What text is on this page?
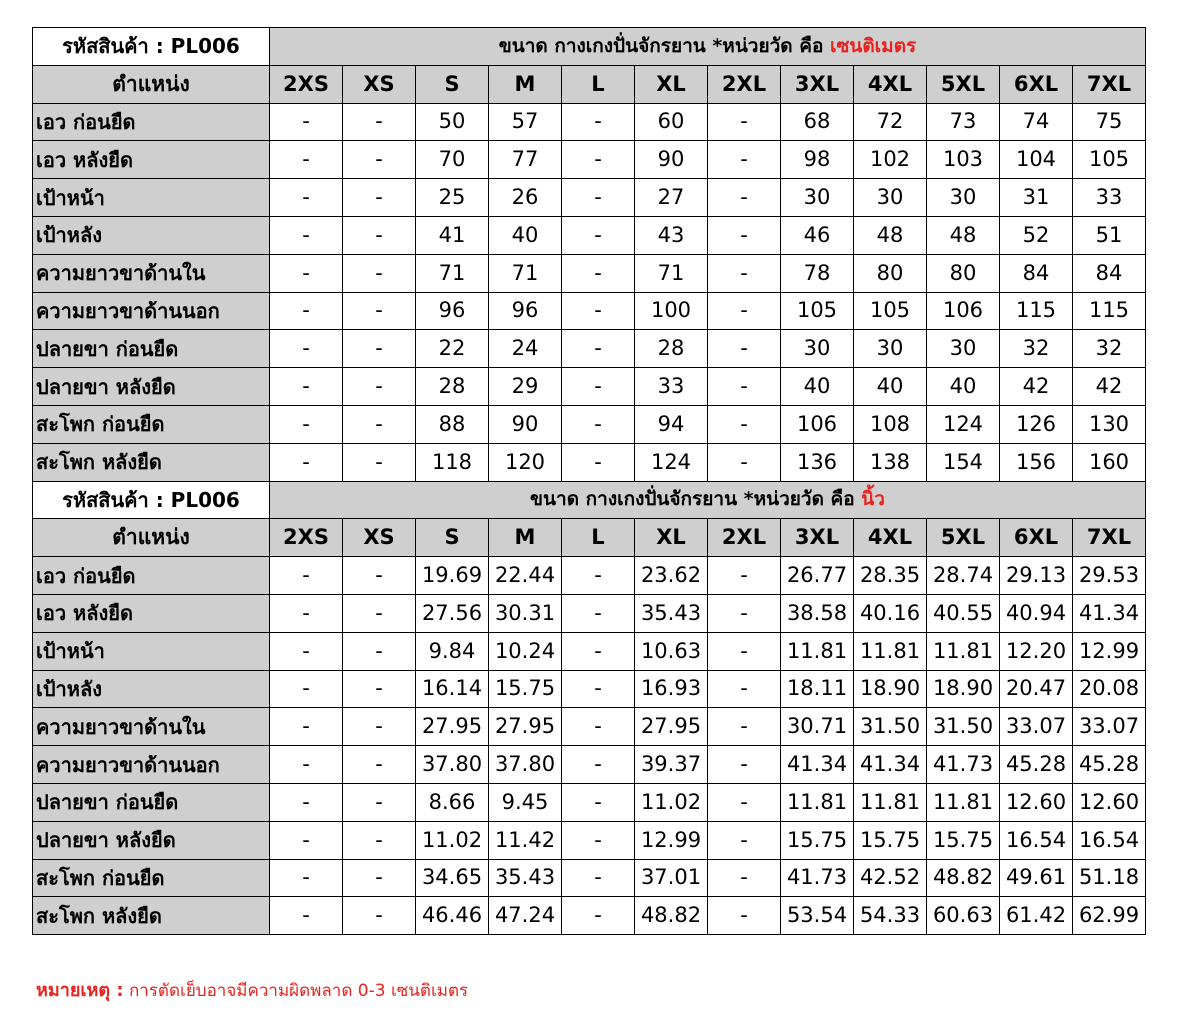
รหัสสินค้า : PL006	ขนาด กางเกงปั่นจักรยาน *หน่วยวัด คือ เซนติเมตร											
ตำแหน่ง	2XS	XS	S	M	L	XL	2XL	3XL	4XL	5XL	6XL	7XL
เอว ก่อนยืด	-	-	50	57	-	60	-	68	72	73	74	75
เอว หลังยืด	-	-	70	77	-	90	-	98	102	103	104	105
เป้าหน้า	-	-	25	26	-	27	-	30	30	30	31	33
เป้าหลัง	-	-	41	40	-	43	-	46	48	48	52	51
ความยาวขาด้านใน	-	-	71	71	-	71	-	78	80	80	84	84
ความยาวขาด้านนอก	-	-	96	96	-	100	-	105	105	106	115	115
ปลายขา ก่อนยืด	-	-	22	24	-	28	-	30	30	30	32	32
ปลายขา หลังยืด	-	-	28	29	-	33	-	40	40	40	42	42
สะโพก ก่อนยืด	-	-	88	90	-	94	-	106	108	124	126	130
สะโพก หลังยืด	-	-	118	120	-	124	-	136	138	154	156	160
รหัสสินค้า : PL006	ขนาด กางเกงปั่นจักรยาน *หน่วยวัด คือ นิ้ว											
ตำแหน่ง	2XS	XS	S	M	L	XL	2XL	3XL	4XL	5XL	6XL	7XL
เอว ก่อนยืด	-	-	19.69	22.44	-	23.62	-	26.77	28.35	28.74	29.13	29.53
เอว หลังยืด	-	-	27.56	30.31	-	35.43	-	38.58	40.16	40.55	40.94	41.34
เป้าหน้า	-	-	9.84	10.24	-	10.63	-	11.81	11.81	11.81	12.20	12.99
เป้าหลัง	-	-	16.14	15.75	-	16.93	-	18.11	18.90	18.90	20.47	20.08
ความยาวขาด้านใน	-	-	27.95	27.95	-	27.95	-	30.71	31.50	31.50	33.07	33.07
ความยาวขาด้านนอก	-	-	37.80	37.80	-	39.37	-	41.34	41.34	41.73	45.28	45.28
ปลายขา ก่อนยืด	-	-	8.66	9.45	-	11.02	-	11.81	11.81	11.81	12.60	12.60
ปลายขา หลังยืด	-	-	11.02	11.42	-	12.99	-	15.75	15.75	15.75	16.54	16.54
สะโพก ก่อนยืด	-	-	34.65	35.43	-	37.01	-	41.73	42.52	48.82	49.61	51.18
สะโพก หลังยืด	-	-	46.46	47.24	-	48.82	-	53.54	54.33	60.63	61.42	62.99
หมายเหตุ : การตัดเย็บอาจมีความผิดพลาด 0-3 เซนติเมตร
